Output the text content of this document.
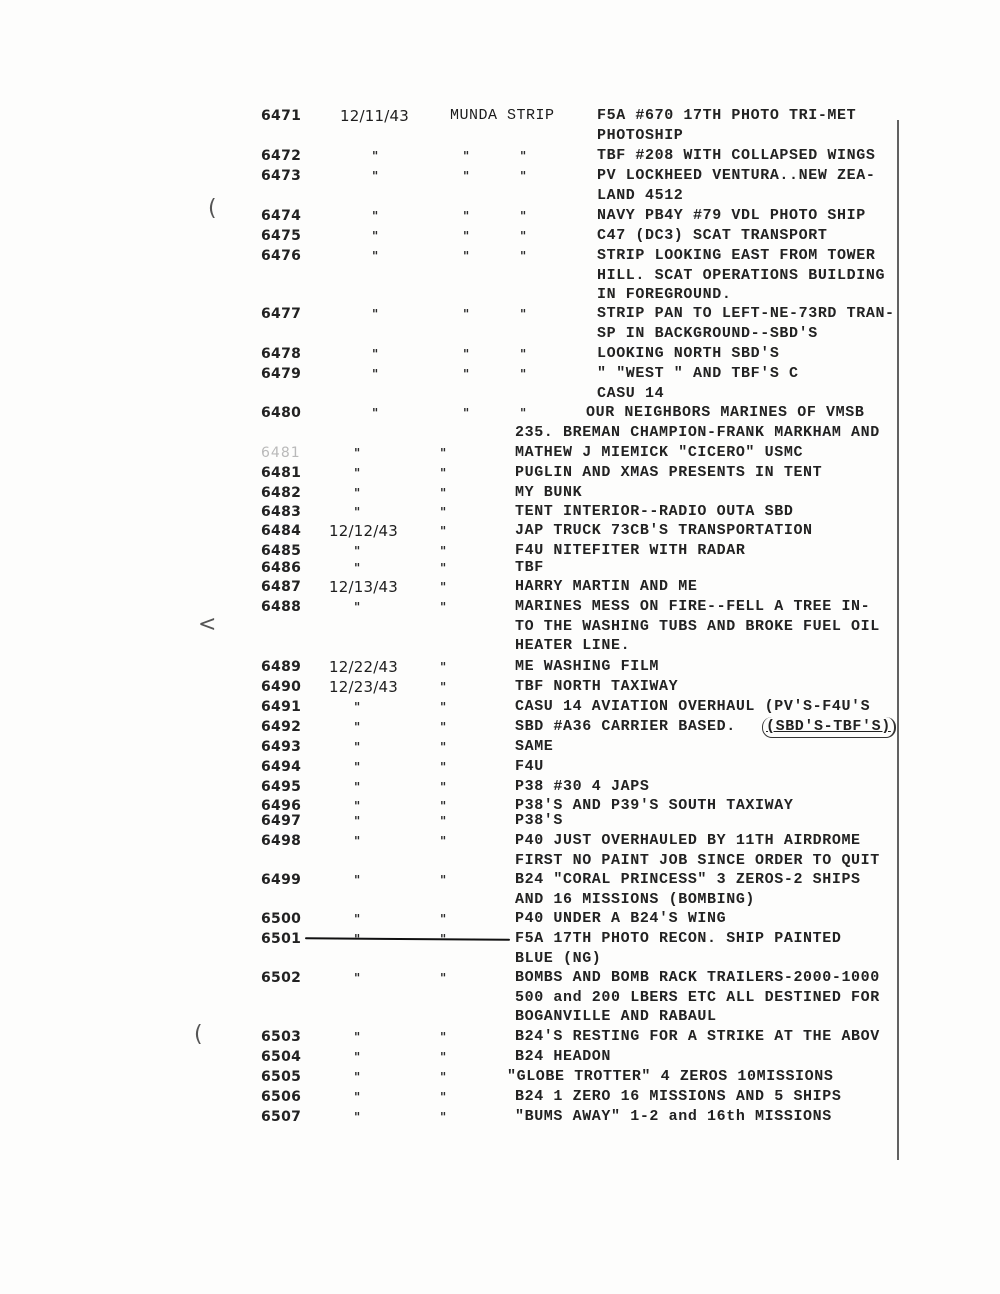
(
<
(
6471	12/11/43	MUNDA STRIP	F5A #670 17TH PHOTO TRI-MET
PHOTOSHIP
6472	"	"	"	TBF #208 WITH COLLAPSED WINGS
6473	"	"	"	PV LOCKHEED VENTURA..NEW ZEA-
LAND 4512
6474	"	"	"	NAVY PB4Y #79 VDL PHOTO SHIP
6475	"	"	"	C47 (DC3) SCAT TRANSPORT
6476	"	"	"	STRIP LOOKING EAST FROM TOWER
HILL. SCAT OPERATIONS BUILDING
IN FOREGROUND.
6477	"	"	"	STRIP PAN TO LEFT-NE-73RD TRAN-
SP IN BACKGROUND--SBD'S
6478	"	"	"	LOOKING NORTH SBD'S
6479	"	"	"	" "WEST " AND TBF'S C
CASU 14
6480	"	"	"	OUR NEIGHBORS MARINES OF VMSB
235. BREMAN CHAMPION-FRANK MARKHAM AND
6481	"	"	MATHEW J MIEMICK "CICERO" USMC
6481	"	"	PUGLIN AND XMAS PRESENTS IN TENT
6482	"	"	MY BUNK
6483	"	"	TENT INTERIOR--RADIO OUTA SBD
6484 12/12/43	"	JAP TRUCK 73CB'S TRANSPORTATION
6485	"	"	F4U NITEFITER WITH RADAR
6486	"	"	TBF
6487 12/13/43	"	HARRY MARTIN AND ME
6488	"	"	MARINES MESS ON FIRE--FELL A TREE IN-
TO THE WASHING TUBS AND BROKE FUEL OIL
HEATER LINE.
6489 12/22/43	"	ME WASHING FILM
6490 12/23/43	"	TBF NORTH TAXIWAY
6491	"	"	CASU 14 AVIATION OVERHAUL (PV'S-F4U'S
6492	"	"	SBD #A36 CARRIER BASED. (SBD'S-TBF'S)
6493	"	"	SAME
6494	"	"	F4U
6495	"	"	P38 #30 4 JAPS
6496	"	"	P38'S AND P39'S SOUTH TAXIWAY
6497	"	"	P38'S
6498	"	"	P40 JUST OVERHAULED BY 11TH AIRDROME
FIRST NO PAINT JOB SINCE ORDER TO QUIT
6499	"	"	B24 "CORAL PRINCESS" 3 ZEROS-2 SHIPS
AND 16 MISSIONS (BOMBING)
6500	"	"	P40 UNDER A B24'S WING
6501	"	"	F5A 17TH PHOTO RECON. SHIP PAINTED
BLUE (NG)
6502	"	"	BOMBS AND BOMB RACK TRAILERS-2000-1000
500 and 200 LBERS ETC ALL DESTINED FOR
BOGANVILLE AND RABAUL
6503	"	"	B24'S RESTING FOR A STRIKE AT THE ABOV
6504	"	"	B24 HEADON
6505	"	"	"GLOBE TROTTER" 4 ZEROS 10MISSIONS
6506	"	"	B24 1 ZERO 16 MISSIONS AND 5 SHIPS
6507	"	"	"BUMS AWAY" 1-2 and 16th MISSIONS
